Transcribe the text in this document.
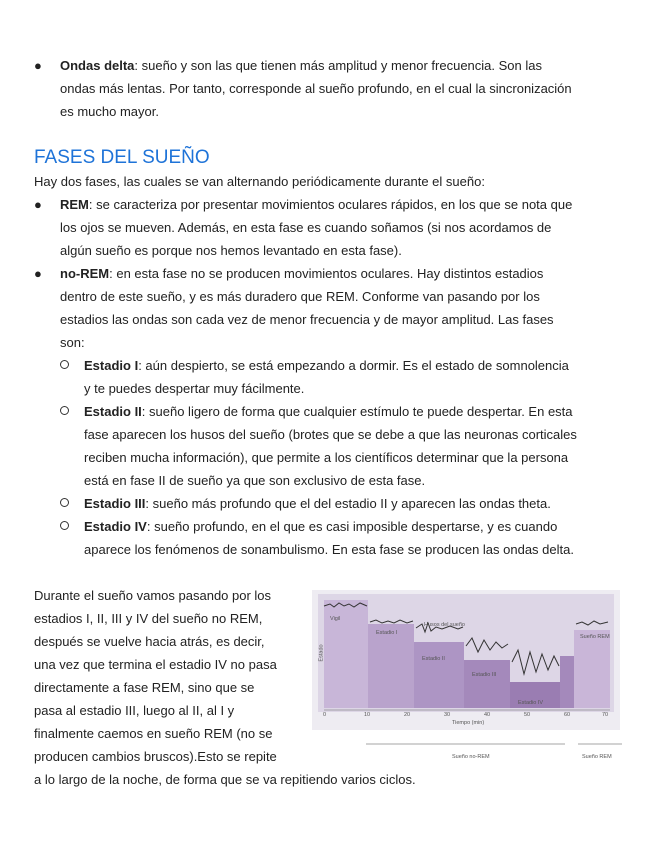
● Ondas delta: sueño y son las que tienen más amplitud y menor frecuencia. Son las
ondas más lentas. Por tanto, corresponde al sueño profundo, en el cual la sincronización
es mucho mayor.
FASES DEL SUEÑO
Hay dos fases, las cuales se van alternando periódicamente durante el sueño:
● REM: se caracteriza por presentar movimientos oculares rápidos, en los que se nota que
los ojos se mueven. Además, en esta fase es cuando soñamos (si nos acordamos de
algún sueño es porque nos hemos levantado en esta fase).
● no-REM: en esta fase no se producen movimientos oculares. Hay distintos estadios
dentro de este sueño, y es más duradero que REM. Conforme van pasando por los
estadios las ondas son cada vez de menor frecuencia y de mayor amplitud. Las fases
son:
Estadio I: aún despierto, se está empezando a dormir. Es el estado de somnolencia
y te puedes despertar muy fácilmente.
Estadio II: sueño ligero de forma que cualquier estímulo te puede despertar. En esta
fase aparecen los husos del sueño (brotes que se debe a que las neuronas corticales
reciben mucha información), que permite a los científicos determinar que la persona
está en fase II de sueño ya que son exclusivo de esta fase.
Estadio III: sueño más profundo que el del estadio II y aparecen las ondas theta.
Estadio IV: sueño profundo, en el que es casi imposible despertarse, y es cuando
aparece los fenómenos de sonambulismo. En esta fase se producen las ondas delta.
Durante el sueño vamos pasando por los
estadios I, II, III y IV del sueño no REM,
después se vuelve hacia atrás, es decir,
una vez que termina el estadio IV no pasa
directamente a fase REM, sino que se
pasa al estadio III, luego al II, al I y
finalmente caemos en sueño REM (no se
producen cambios bruscos).Esto se repite
a lo largo de la noche, de forma que se va repitiendo varios ciclos.
Vigil
Estadio I
Husos del sueño
Estadio II
Estadio III
Estadio IV
Sueño REM
Estado
0	10	20	30	40	50	60	70
Tiempo (min)
Sueño no-REM	Sueño REM
